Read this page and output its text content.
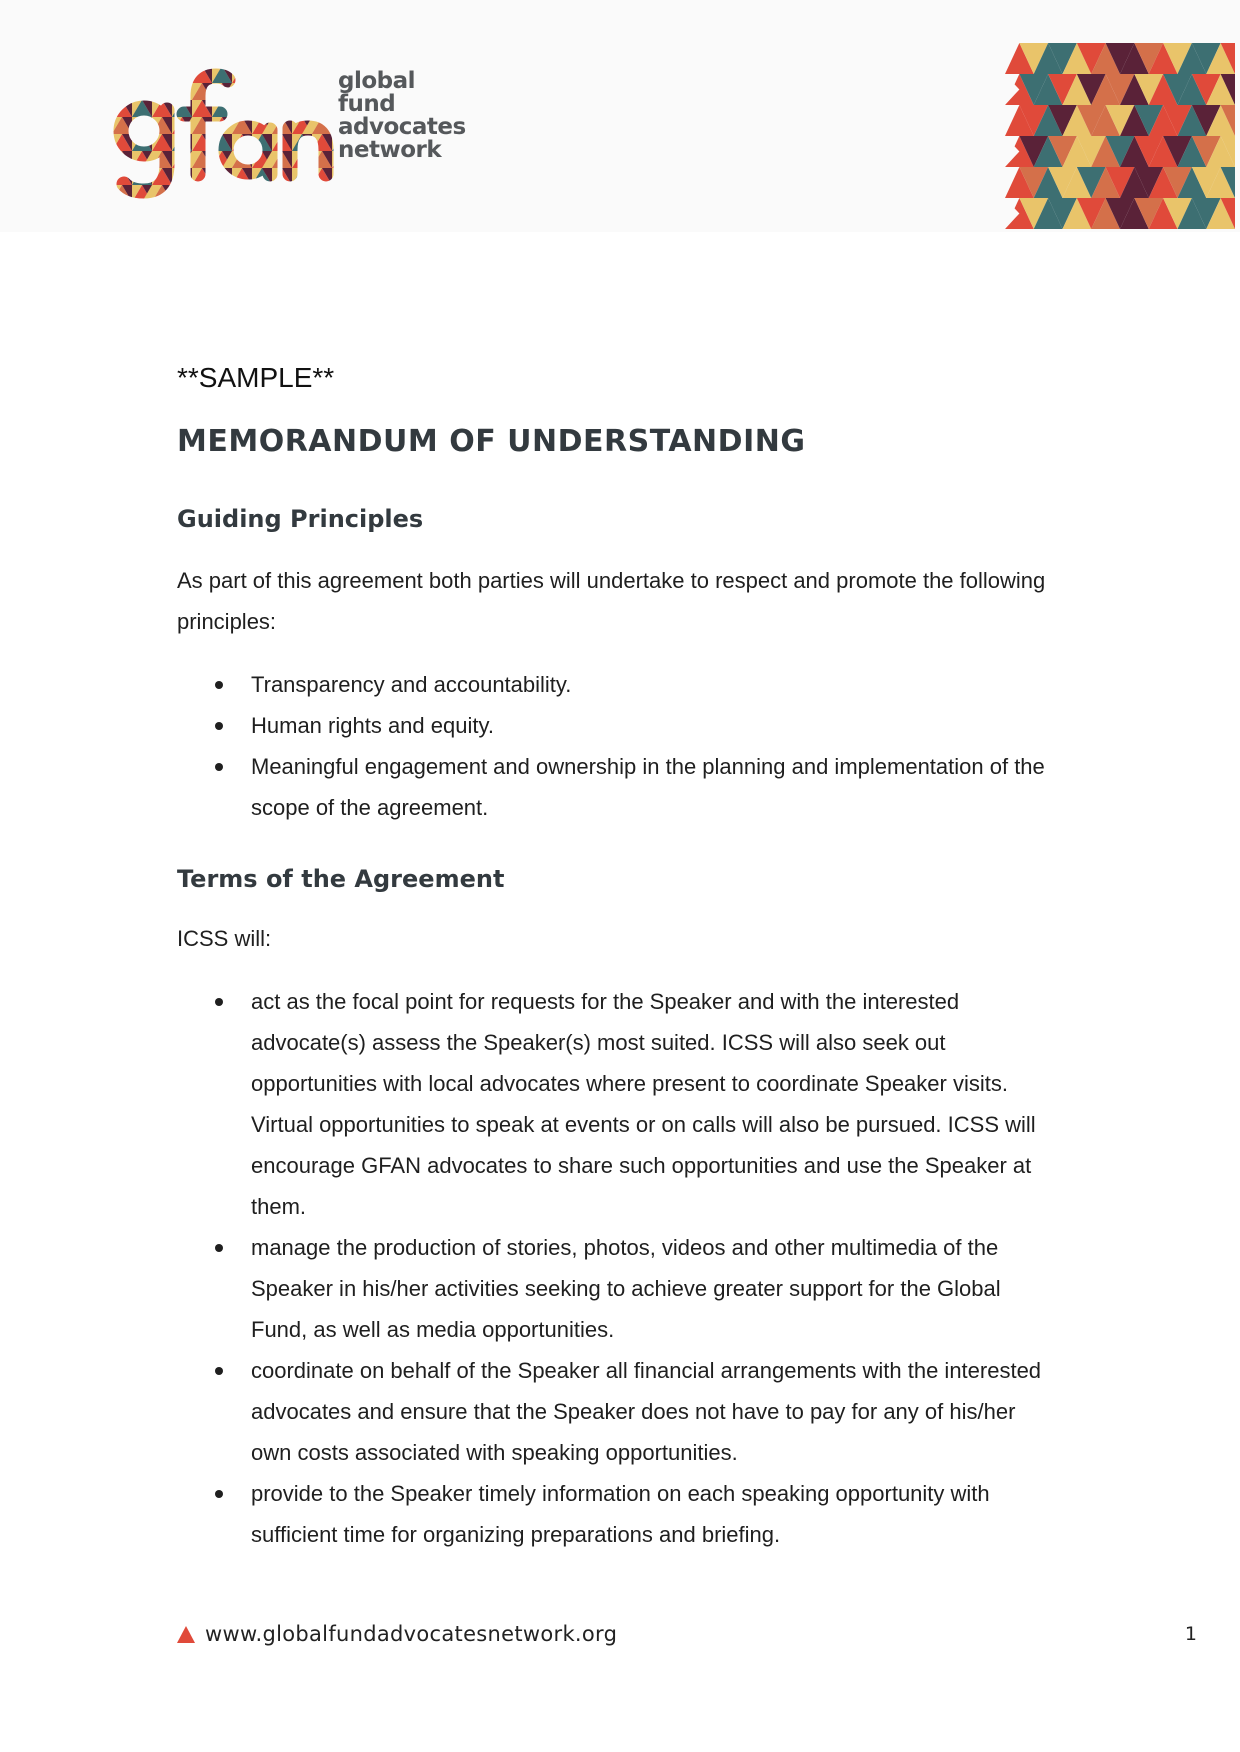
global
fund
advocates
network
**SAMPLE**
MEMORANDUM OF UNDERSTANDING
Guiding Principles

As part of this agreement both parties will undertake to respect and promote the following principles:

Transparency and accountability.
Human rights and equity.
Meaningful engagement and ownership in the planning and implementation of the scope of the agreement.
Terms of the Agreement

ICSS will:

act as the focal point for requests for the Speaker and with the interested advocate(s) assess the Speaker(s) most suited. ICSS will also seek out opportunities with local advocates where present to coordinate Speaker visits. Virtual opportunities to speak at events or on calls will also be pursued. ICSS will encourage GFAN advocates to share such opportunities and use the Speaker at them.
manage the production of stories, photos, videos and other multimedia of the Speaker in his/her activities seeking to achieve greater support for the Global Fund, as well as media opportunities.
coordinate on behalf of the Speaker all financial arrangements with the interested advocates and ensure that the Speaker does not have to pay for any of his/her own costs associated with speaking opportunities.
provide to the Speaker timely information on each speaking opportunity with sufficient time for organizing preparations and briefing.
www.globalfundadvocatesnetwork.org	1
